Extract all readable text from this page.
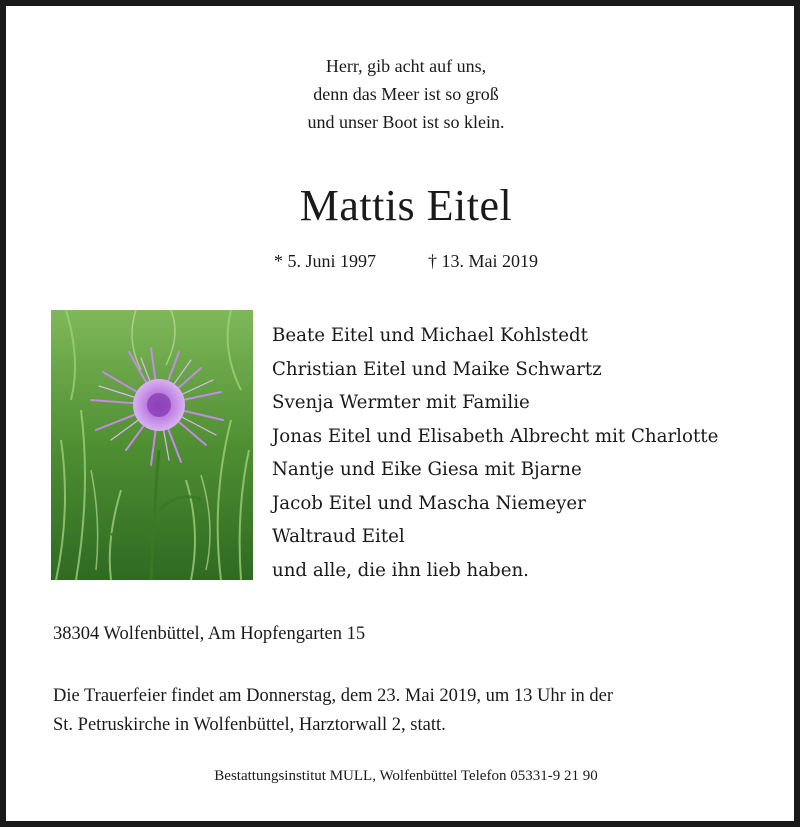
Herr, gib acht auf uns,
denn das Meer ist so groß
und unser Boot ist so klein.
Mattis Eitel
* 5. Juni 1997	† 13. Mai 2019
Beate Eitel und Michael Kohlstedt
Christian Eitel und Maike Schwartz
Svenja Wermter mit Familie
Jonas Eitel und Elisabeth Albrecht mit Charlotte
Nantje und Eike Giesa mit Bjarne
Jacob Eitel und Mascha Niemeyer
Waltraud Eitel
und alle, die ihn lieb haben.
38304 Wolfenbüttel, Am Hopfengarten 15
Die Trauerfeier findet am Donnerstag, dem 23. Mai 2019, um 13 Uhr in der
St. Petruskirche in Wolfenbüttel, Harztorwall 2, statt.
Bestattungsinstitut MULL, Wolfenbüttel Telefon 05331-9 21 90
